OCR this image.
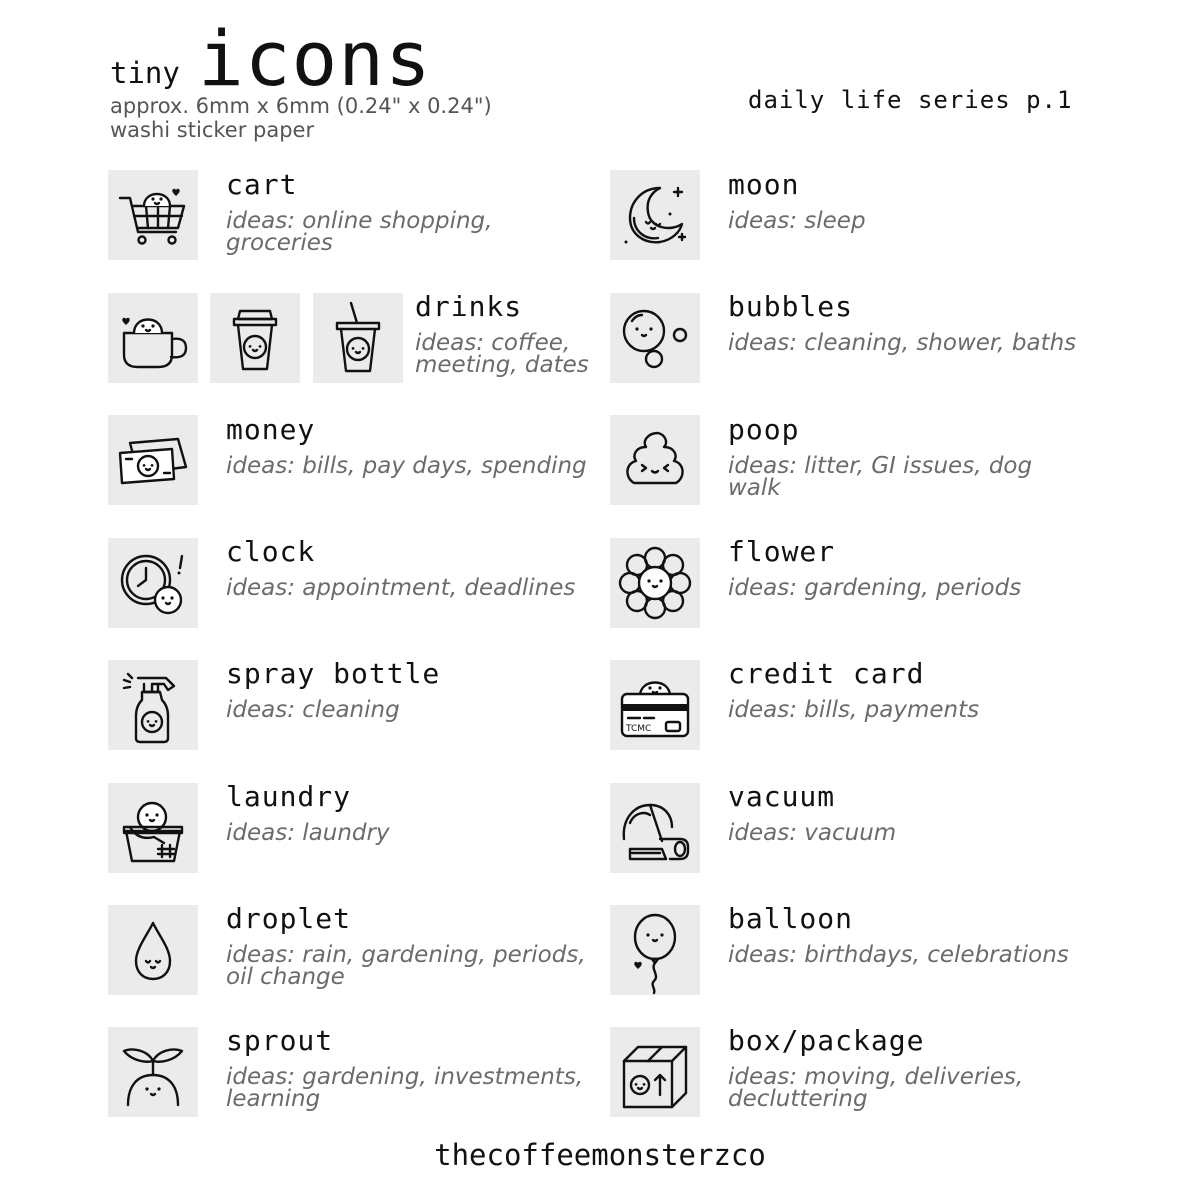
tiny icons
approx. 6mm x 6mm (0.24" x 0.24")
washi sticker paper
daily life series p.1
cart
ideas: online shopping, groceries
drinks
ideas: coffee, meeting, dates
money
ideas: bills, pay days, spending
clock
ideas: appointment, deadlines
spray bottle
ideas: cleaning
laundry
ideas: laundry
droplet
ideas: rain, gardening, periods, oil change
sprout
ideas: gardening, investments, learning
moon
ideas: sleep
bubbles
ideas: cleaning, shower, baths
poop
ideas: litter, GI issues, dog walk
flower
ideas: gardening, periods
TCMC
credit card
ideas: bills, payments
vacuum
ideas: vacuum
balloon
ideas: birthdays, celebrations
box/package
ideas: moving, deliveries, decluttering
thecoffeemonsterzco
